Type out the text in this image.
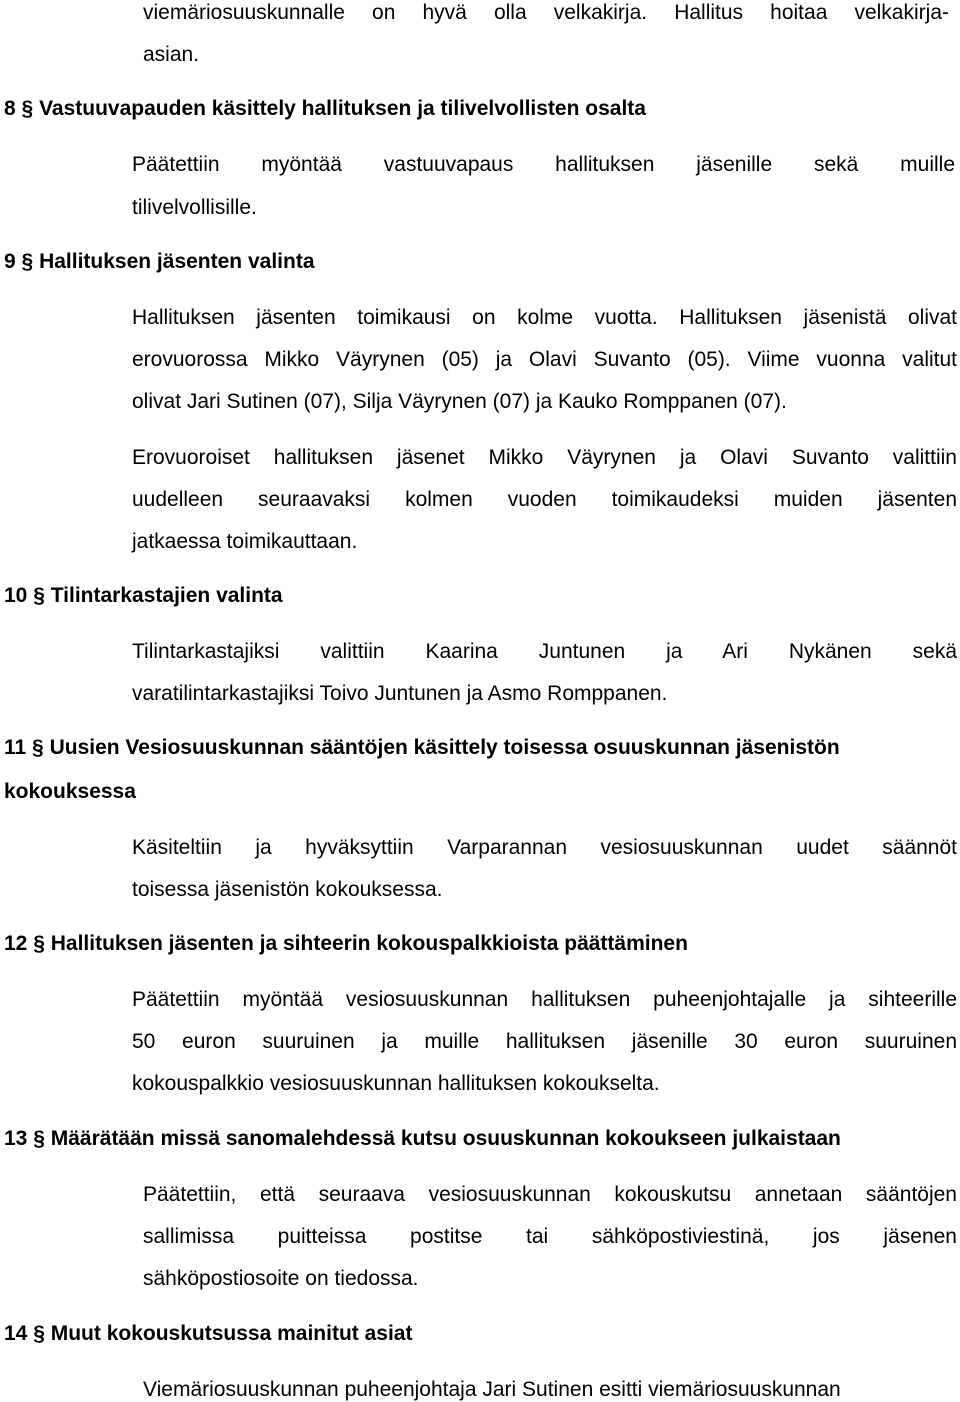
viemäriosuuskunnalle on hyvä olla velkakirja. Hallitus hoitaa velkakirja-
asian.
8 § Vastuuvapauden käsittely hallituksen ja tilivelvollisten osalta
Päätettiin myöntää vastuuvapaus hallituksen jäsenille sekä muille
tilivelvollisille.
9 § Hallituksen jäsenten valinta
Hallituksen jäsenten toimikausi on kolme vuotta. Hallituksen jäsenistä olivat
erovuorossa Mikko Väyrynen (05) ja Olavi Suvanto (05). Viime vuonna valitut
olivat Jari Sutinen (07), Silja Väyrynen (07) ja Kauko Romppanen (07).
Erovuoroiset hallituksen jäsenet Mikko Väyrynen ja Olavi Suvanto valittiin
uudelleen seuraavaksi kolmen vuoden toimikaudeksi muiden jäsenten
jatkaessa toimikauttaan.
10 § Tilintarkastajien valinta
Tilintarkastajiksi valittiin Kaarina Juntunen ja Ari Nykänen sekä
varatilintarkastajiksi Toivo Juntunen ja Asmo Romppanen.
11 § Uusien Vesiosuuskunnan sääntöjen käsittely toisessa osuuskunnan jäsenistön
kokouksessa
Käsiteltiin ja hyväksyttiin Varparannan vesiosuuskunnan uudet säännöt
toisessa jäsenistön kokouksessa.
12 § Hallituksen jäsenten ja sihteerin kokouspalkkioista päättäminen
Päätettiin myöntää vesiosuuskunnan hallituksen puheenjohtajalle ja sihteerille
50 euron suuruinen ja muille hallituksen jäsenille 30 euron suuruinen
kokouspalkkio vesiosuuskunnan hallituksen kokoukselta.
13 § Määrätään missä sanomalehdessä kutsu osuuskunnan kokoukseen julkaistaan
Päätettiin, että seuraava vesiosuuskunnan kokouskutsu annetaan sääntöjen
sallimissa puitteissa postitse tai sähköpostiviestinä, jos jäsenen
sähköpostiosoite on tiedossa.
14 § Muut kokouskutsussa mainitut asiat
Viemäriosuuskunnan puheenjohtaja Jari Sutinen esitti viemäriosuuskunnan
